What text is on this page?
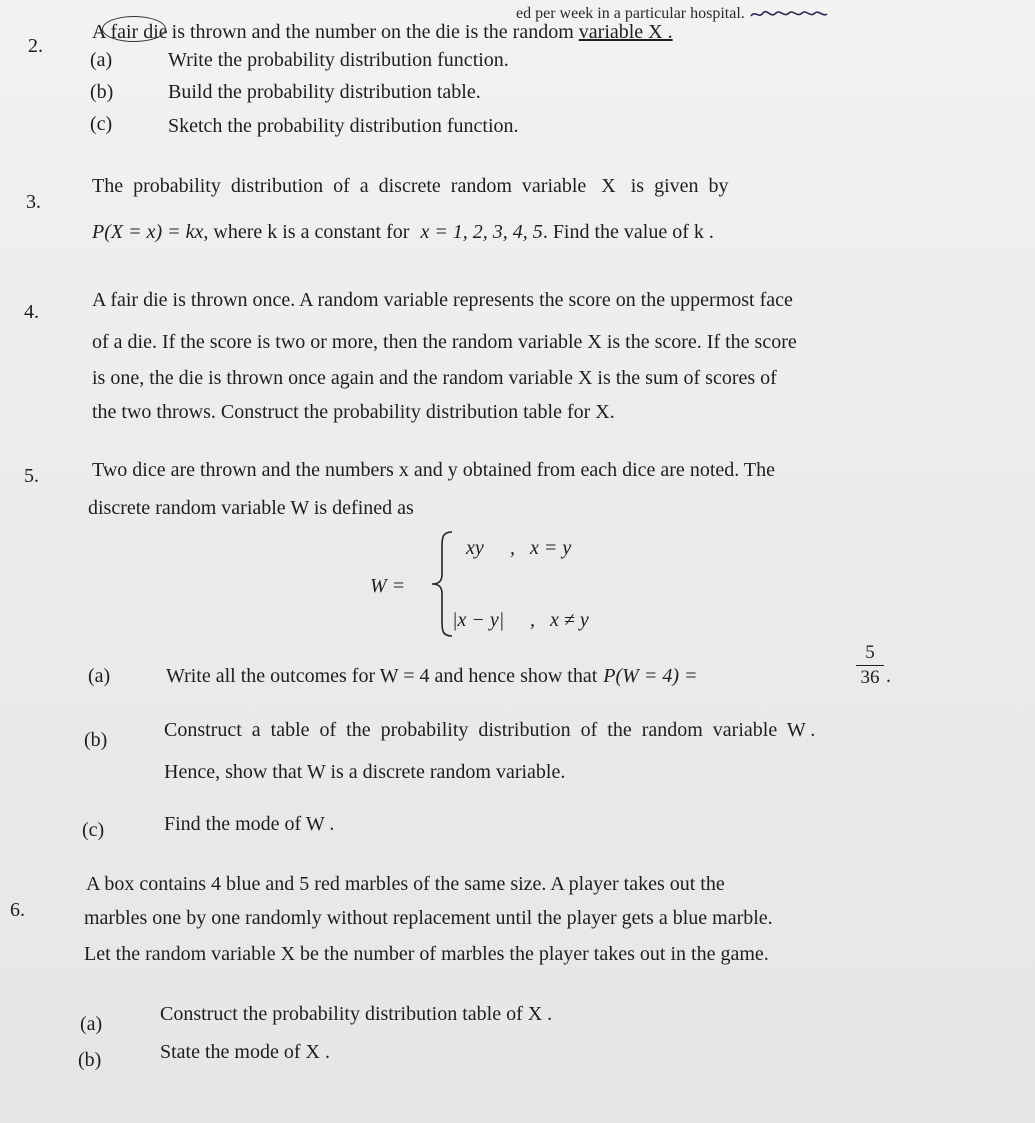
ed per week in a particular hospital.
2.
A fair die is thrown and the number on the die is the random variable X .
(a)	Write the probability distribution function.
(b)	Build the probability distribution table.
(c)	Sketch the probability distribution function.
3.
The  probability  distribution  of  a  discrete  random  variable   X   is  given  by
P(X = x) = kx, where k is a constant for x = 1, 2, 3, 4, 5. Find the value of k .
4.
A fair die is thrown once. A random variable represents the score on the uppermost face
of a die. If the score is two or more, then the random variable X is the score. If the score
is one, the die is thrown once again and the random variable X is the sum of scores of
the two throws. Construct the probability distribution table for X.
5.	Two dice are thrown and the numbers x and y obtained from each dice are noted. The
discrete random variable W is defined as
W =
xy ,   x = y
|x − y| ,   x ≠ y
(a)	Write all the outcomes for W = 4 and hence show that P(W = 4) =
5
36 .
(b)	Construct  a  table  of  the  probability  distribution  of  the  random  variable  W .
Hence, show that W is a discrete random variable.
(c)	Find the mode of W .
6.
A box contains 4 blue and 5 red marbles of the same size. A player takes out the
marbles one by one randomly without replacement until the player gets a blue marble.
Let the random variable X be the number of marbles the player takes out in the game.
(a)	Construct the probability distribution table of X .
(b)	State the mode of X .
